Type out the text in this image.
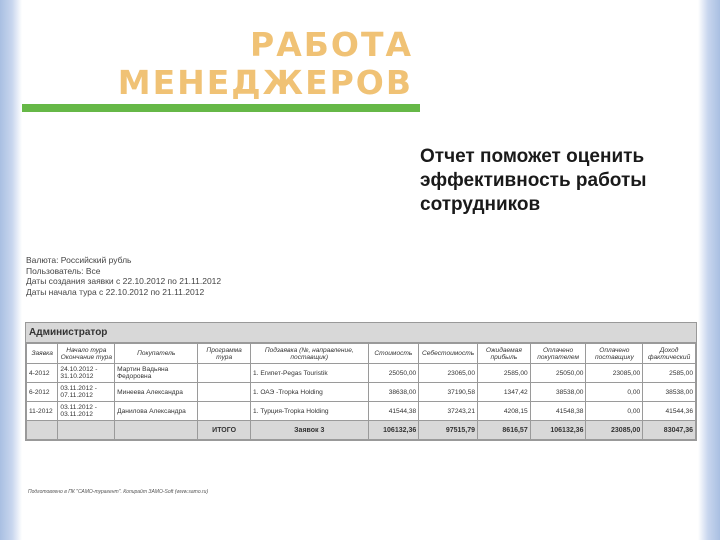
РАБОТА
МЕНЕДЖЕРОВ
Отчет поможет оценить эффективность работы сотрудников
Валюта: Российский рубль
Пользователь: Все
Даты создания заявки с 22.10.2012 по 21.11.2012
Даты начала тура с 22.10.2012 по 21.11.2012
Администратор
Заявка	Начало тура Окончание тура	Покупатель	Программа тура	Подзаявка (№, направление, поставщик)	Стоимость	Себестоимость	Ожидаемая прибыль	Оплачено покупателем	Оплачено поставщику	Доход фактический
4-2012	24.10.2012 - 31.10.2012	Мартин Вадьяна Федоровна		1. Египет-Pegas Touristik	25050,00	23065,00	2585,00	25050,00	23085,00	2585,00
6-2012	03.11.2012 - 07.11.2012	Минеева Александра		1. ОАЭ -Tropka Holding	38638,00	37190,58	1347,42	38538,00	0,00	38538,00
11-2012	03.11.2012 - 03.11.2012	Данилова Александра		1. Турция-Tropka Holding	41544,38	37243,21	4208,15	41548,38	0,00	41544,36
			ИТОГО	Заявок 3	106132,36	97515,79	8616,57	106132,36	23085,00	83047,36
Подготовлено в ПК "САМО-турагент". Копирайт ЗАМО-Soft (www.samo.ru)
